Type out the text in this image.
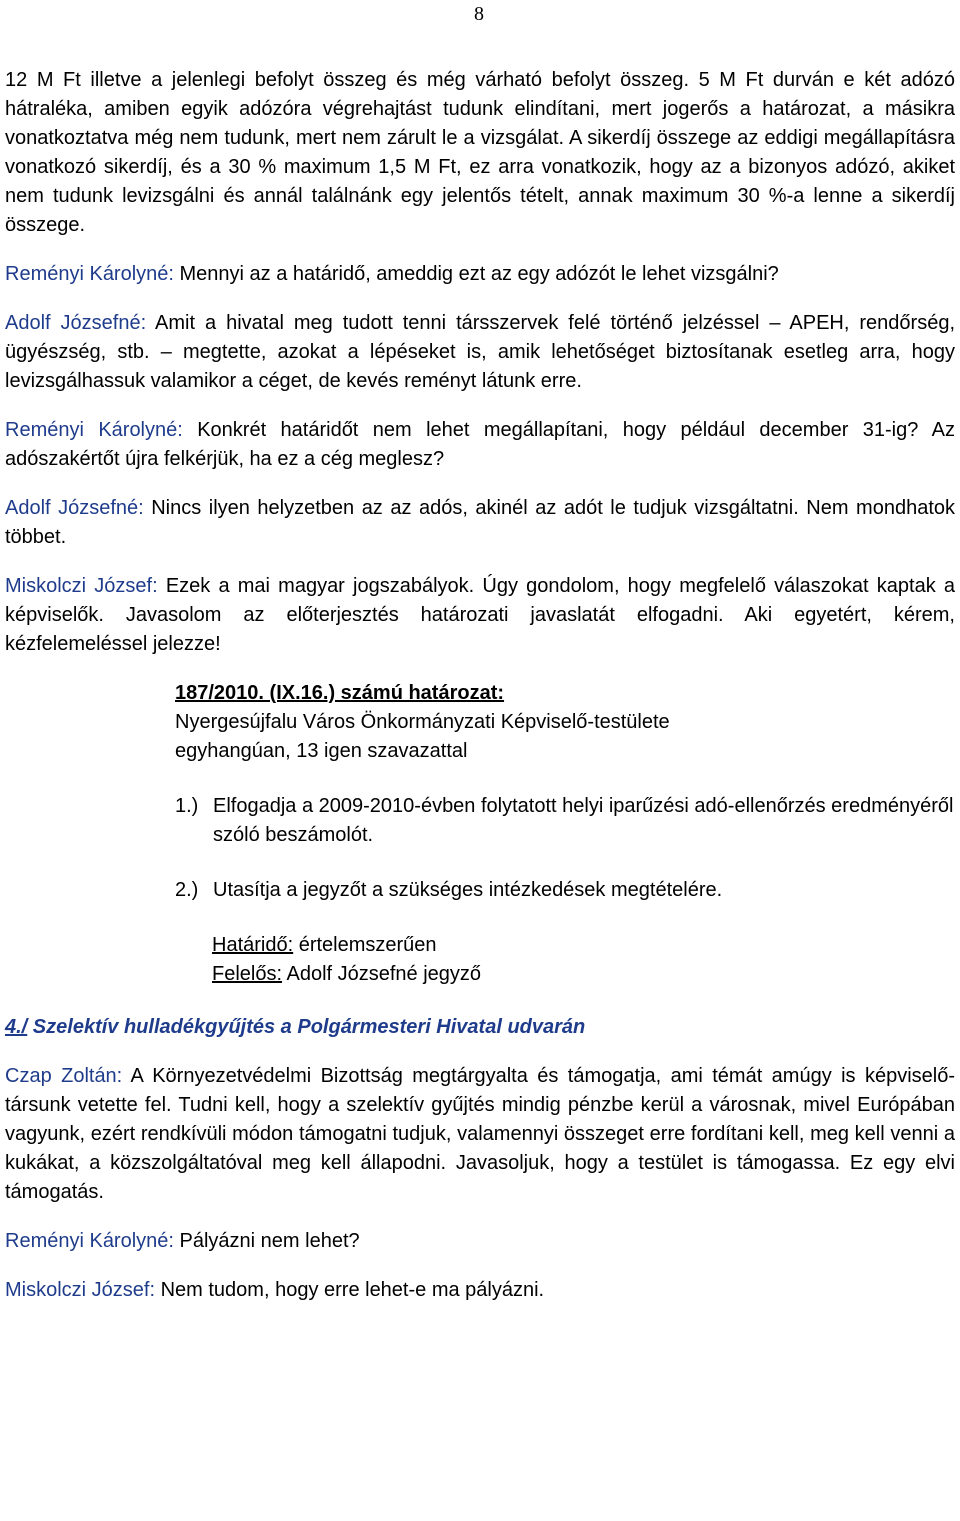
8

12 M Ft illetve a jelenlegi befolyt összeg és még várható befolyt összeg. 5 M Ft durván e két adózó hátraléka, amiben egyik adózóra végrehajtást tudunk elindítani, mert jogerős a határozat, a másikra vonatkoztatva még nem tudunk, mert nem zárult le a vizsgálat. A sikerdíj összege az eddigi megállapításra vonatkozó sikerdíj, és a 30 % maximum 1,5 M Ft, ez arra vonatkozik, hogy az a bizonyos adózó, akiket nem tudunk levizsgálni és annál találnánk egy jelentős tételt, annak maximum 30 %-a lenne a sikerdíj összege.

Reményi Károlyné: Mennyi az a határidő, ameddig ezt az egy adózót le lehet vizsgálni?

Adolf Józsefné: Amit a hivatal meg tudott tenni társszervek felé történő jelzéssel – APEH, rendőrség, ügyészség, stb. – megtette, azokat a lépéseket is, amik lehetőséget biztosítanak esetleg arra, hogy levizsgálhassuk valamikor a céget, de kevés reményt látunk erre.

Reményi Károlyné: Konkrét határidőt nem lehet megállapítani, hogy például december 31-ig? Az adószakértőt újra felkérjük, ha ez a cég meglesz?

Adolf Józsefné: Nincs ilyen helyzetben az az adós, akinél az adót le tudjuk vizsgáltatni. Nem mondhatok többet.

Miskolczi József: Ezek a mai magyar jogszabályok. Úgy gondolom, hogy megfelelő válaszokat kaptak a képviselők. Javasolom az előterjesztés határozati javaslatát elfogadni. Aki egyetért, kérem, kézfelemeléssel jelezze!

187/2010. (IX.16.) számú határozat:
Nyergesújfalu Város Önkormányzati Képviselő-testülete
egyhangúan, 13 igen szavazattal
1.) Elfogadja a 2009-2010-évben folytatott helyi iparűzési adó-ellenőrzés eredményéről szóló beszámolót.
2.) Utasítja a jegyzőt a szükséges intézkedések megtételére.
Határidő: értelemszerűen
Felelős: Adolf Józsefné jegyző

4./ Szelektív hulladékgyűjtés a Polgármesteri Hivatal udvarán

Czap Zoltán: A Környezetvédelmi Bizottság megtárgyalta és támogatja, ami témát amúgy is képviselő-társunk vetette fel. Tudni kell, hogy a szelektív gyűjtés mindig pénzbe kerül a városnak, mivel Európában vagyunk, ezért rendkívüli módon támogatni tudjuk, valamennyi összeget erre fordítani kell, meg kell venni a kukákat, a közszolgáltatóval meg kell állapodni. Javasoljuk, hogy a testület is támogassa. Ez egy elvi támogatás.

Reményi Károlyné: Pályázni nem lehet?

Miskolczi József: Nem tudom, hogy erre lehet-e ma pályázni.
